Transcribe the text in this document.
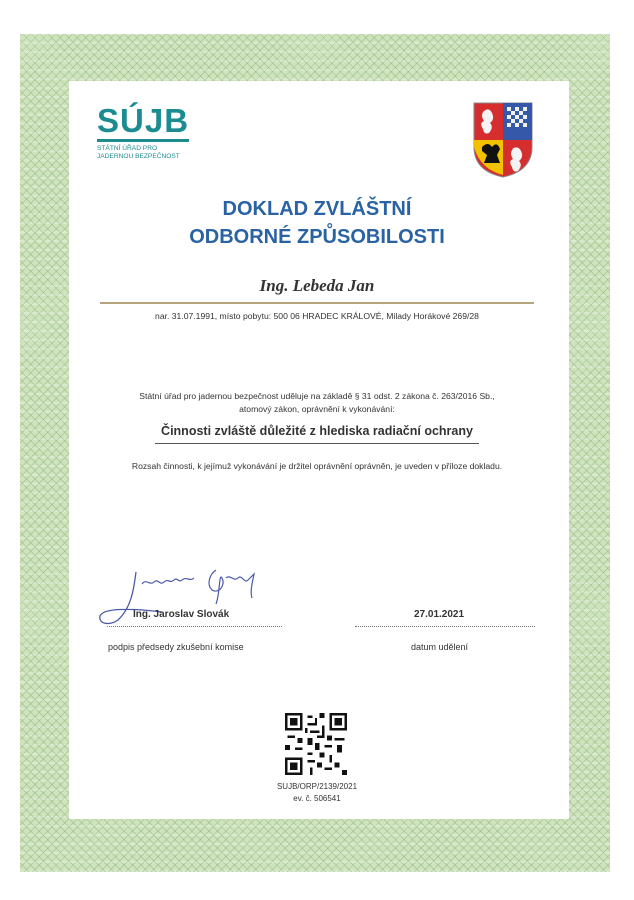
SÚJB
STÁTNÍ ÚŘAD PRO
JADERNOU BEZPEČNOST
DOKLAD ZVLÁŠTNÍ
ODBORNÉ ZPŮSOBILOSTI
Ing. Lebeda Jan
nar. 31.07.1991, místo pobytu: 500 06 HRADEC KRÁLOVÉ, Milady Horákové 269/28
Státní úřad pro jadernou bezpečnost uděluje na základě § 31 odst. 2 zákona č. 263/2016 Sb.,
atomový zákon, oprávnění k vykonávání:
Činnosti zvláště důležité z hlediska radiační ochrany
Rozsah činnosti, k jejímuž vykonávání je držitel oprávnění oprávněn, je uveden v příloze dokladu.
Ing. Jaroslav Slovák	27.01.2021
podpis předsedy zkušební komise	datum udělení
SUJB/ORP/2139/2021
ev. č. 506541
